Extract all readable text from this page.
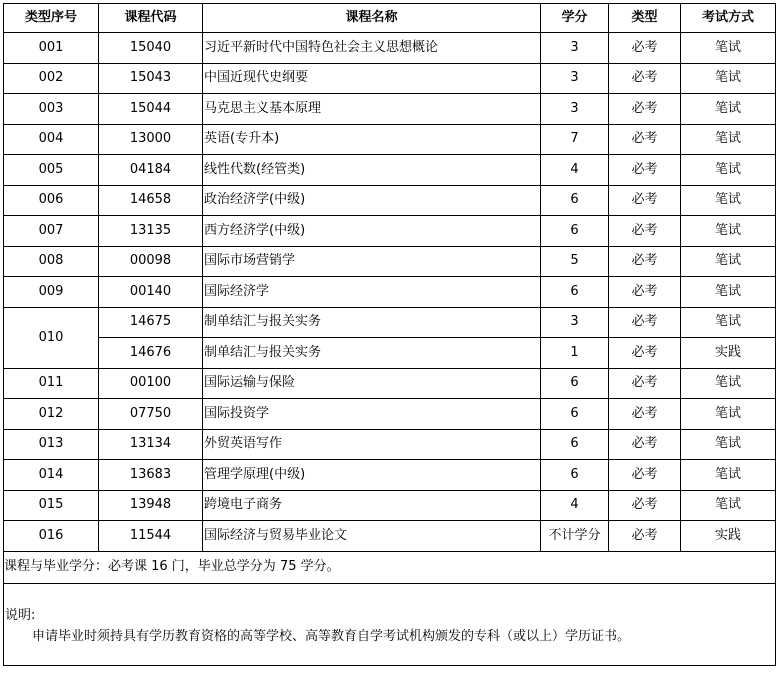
类型序号	课程代码	课程名称	学分	类型	考试方式
001	15040	习近平新时代中国特色社会主义思想概论	3	必考	笔试
002	15043	中国近现代史纲要	3	必考	笔试
003	15044	马克思主义基本原理	3	必考	笔试
004	13000	英语(专升本)	7	必考	笔试
005	04184	线性代数(经管类)	4	必考	笔试
006	14658	政治经济学(中级)	6	必考	笔试
007	13135	西方经济学(中级)	6	必考	笔试
008	00098	国际市场营销学	5	必考	笔试
009	00140	国际经济学	6	必考	笔试
010	14675	制单结汇与报关实务	3	必考	笔试
	14676	制单结汇与报关实务	1	必考	实践
011	00100	国际运输与保险	6	必考	笔试
012	07750	国际投资学	6	必考	笔试
013	13134	外贸英语写作	6	必考	笔试
014	13683	管理学原理(中级)	6	必考	笔试
015	13948	跨境电子商务	4	必考	笔试
016	11544	国际经济与贸易毕业论文	不计学分	必考	实践
课程与毕业学分：必考课 16 门，毕业总学分为 75 学分。					

说明:
申请毕业时须持具有学历教育资格的高等学校、高等教育自学考试机构颁发的专科（或以上）学历证书。					
